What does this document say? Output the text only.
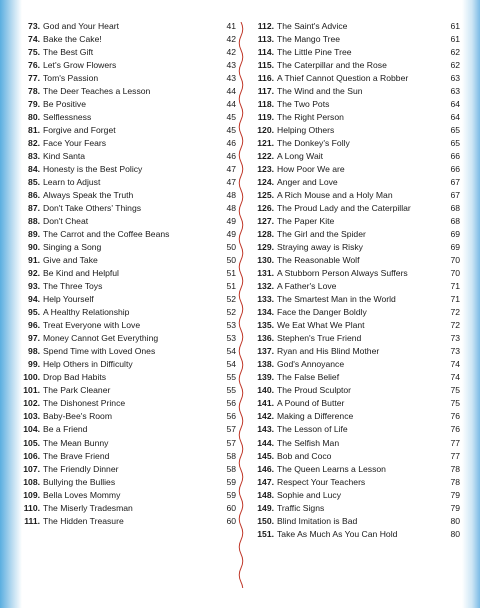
73. God and Your Heart	41
74. Bake the Cake!	42
75. The Best Gift	42
76. Let's Grow Flowers	43
77. Tom's Passion	43
78. The Deer Teaches a Lesson	44
79. Be Positive	44
80. Selflessness	45
81. Forgive and Forget	45
82. Face Your Fears	46
83. Kind Santa	46
84. Honesty is the Best Policy	47
85. Learn to Adjust	47
86. Always Speak the Truth	48
87. Don't Take Others' Things	48
88. Don't Cheat	49
89. The Carrot and the Coffee Beans	49
90. Singing a Song	50
91. Give and Take	50
92. Be Kind and Helpful	51
93. The Three Toys	51
94. Help Yourself	52
95. A Healthy Relationship	52
96. Treat Everyone with Love	53
97. Money Cannot Get Everything	53
98. Spend Time with Loved Ones	54
99. Help Others in Difficulty	54
100. Drop Bad Habits	55
101. The Park Cleaner	55
102. The Dishonest Prince	56
103. Baby-Bee's Room	56
104. Be a Friend	57
105. The Mean Bunny	57
106. The Brave Friend	58
107. The Friendly Dinner	58
108. Bullying the Bullies	59
109. Bella Loves Mommy	59
110. The Miserly Tradesman	60
111. The Hidden Treasure	60
112. The Saint's Advice	61
113. The Mango Tree	61
114. The Little Pine Tree	62
115. The Caterpillar and the Rose	62
116. A Thief Cannot Question a Robber	63
117. The Wind and the Sun	63
118. The Two Pots	64
119. The Right Person	64
120. Helping Others	65
121. The Donkey's Folly	65
122. A Long Wait	66
123. How Poor We are	66
124. Anger and Love	67
125. A Rich Mouse and a Holy Man	67
126. The Proud Lady and the Caterpillar	68
127. The Paper Kite	68
128. The Girl and the Spider	69
129. Straying away is Risky	69
130. The Reasonable Wolf	70
131. A Stubborn Person Always Suffers	70
132. A Father's Love	71
133. The Smartest Man in the World	71
134. Face the Danger Boldly	72
135. We Eat What We Plant	72
136. Stephen's True Friend	73
137. Ryan and His Blind Mother	73
138. God's Annoyance	74
139. The False Belief	74
140. The Proud Sculptor	75
141. A Pound of Butter	75
142. Making a Difference	76
143. The Lesson of Life	76
144. The Selfish Man	77
145. Bob and Coco	77
146. The Queen Learns a Lesson	78
147. Respect Your Teachers	78
148. Sophie and Lucy	79
149. Traffic Signs	79
150. Blind Imitation is Bad	80
151. Take As Much As You Can Hold	80
